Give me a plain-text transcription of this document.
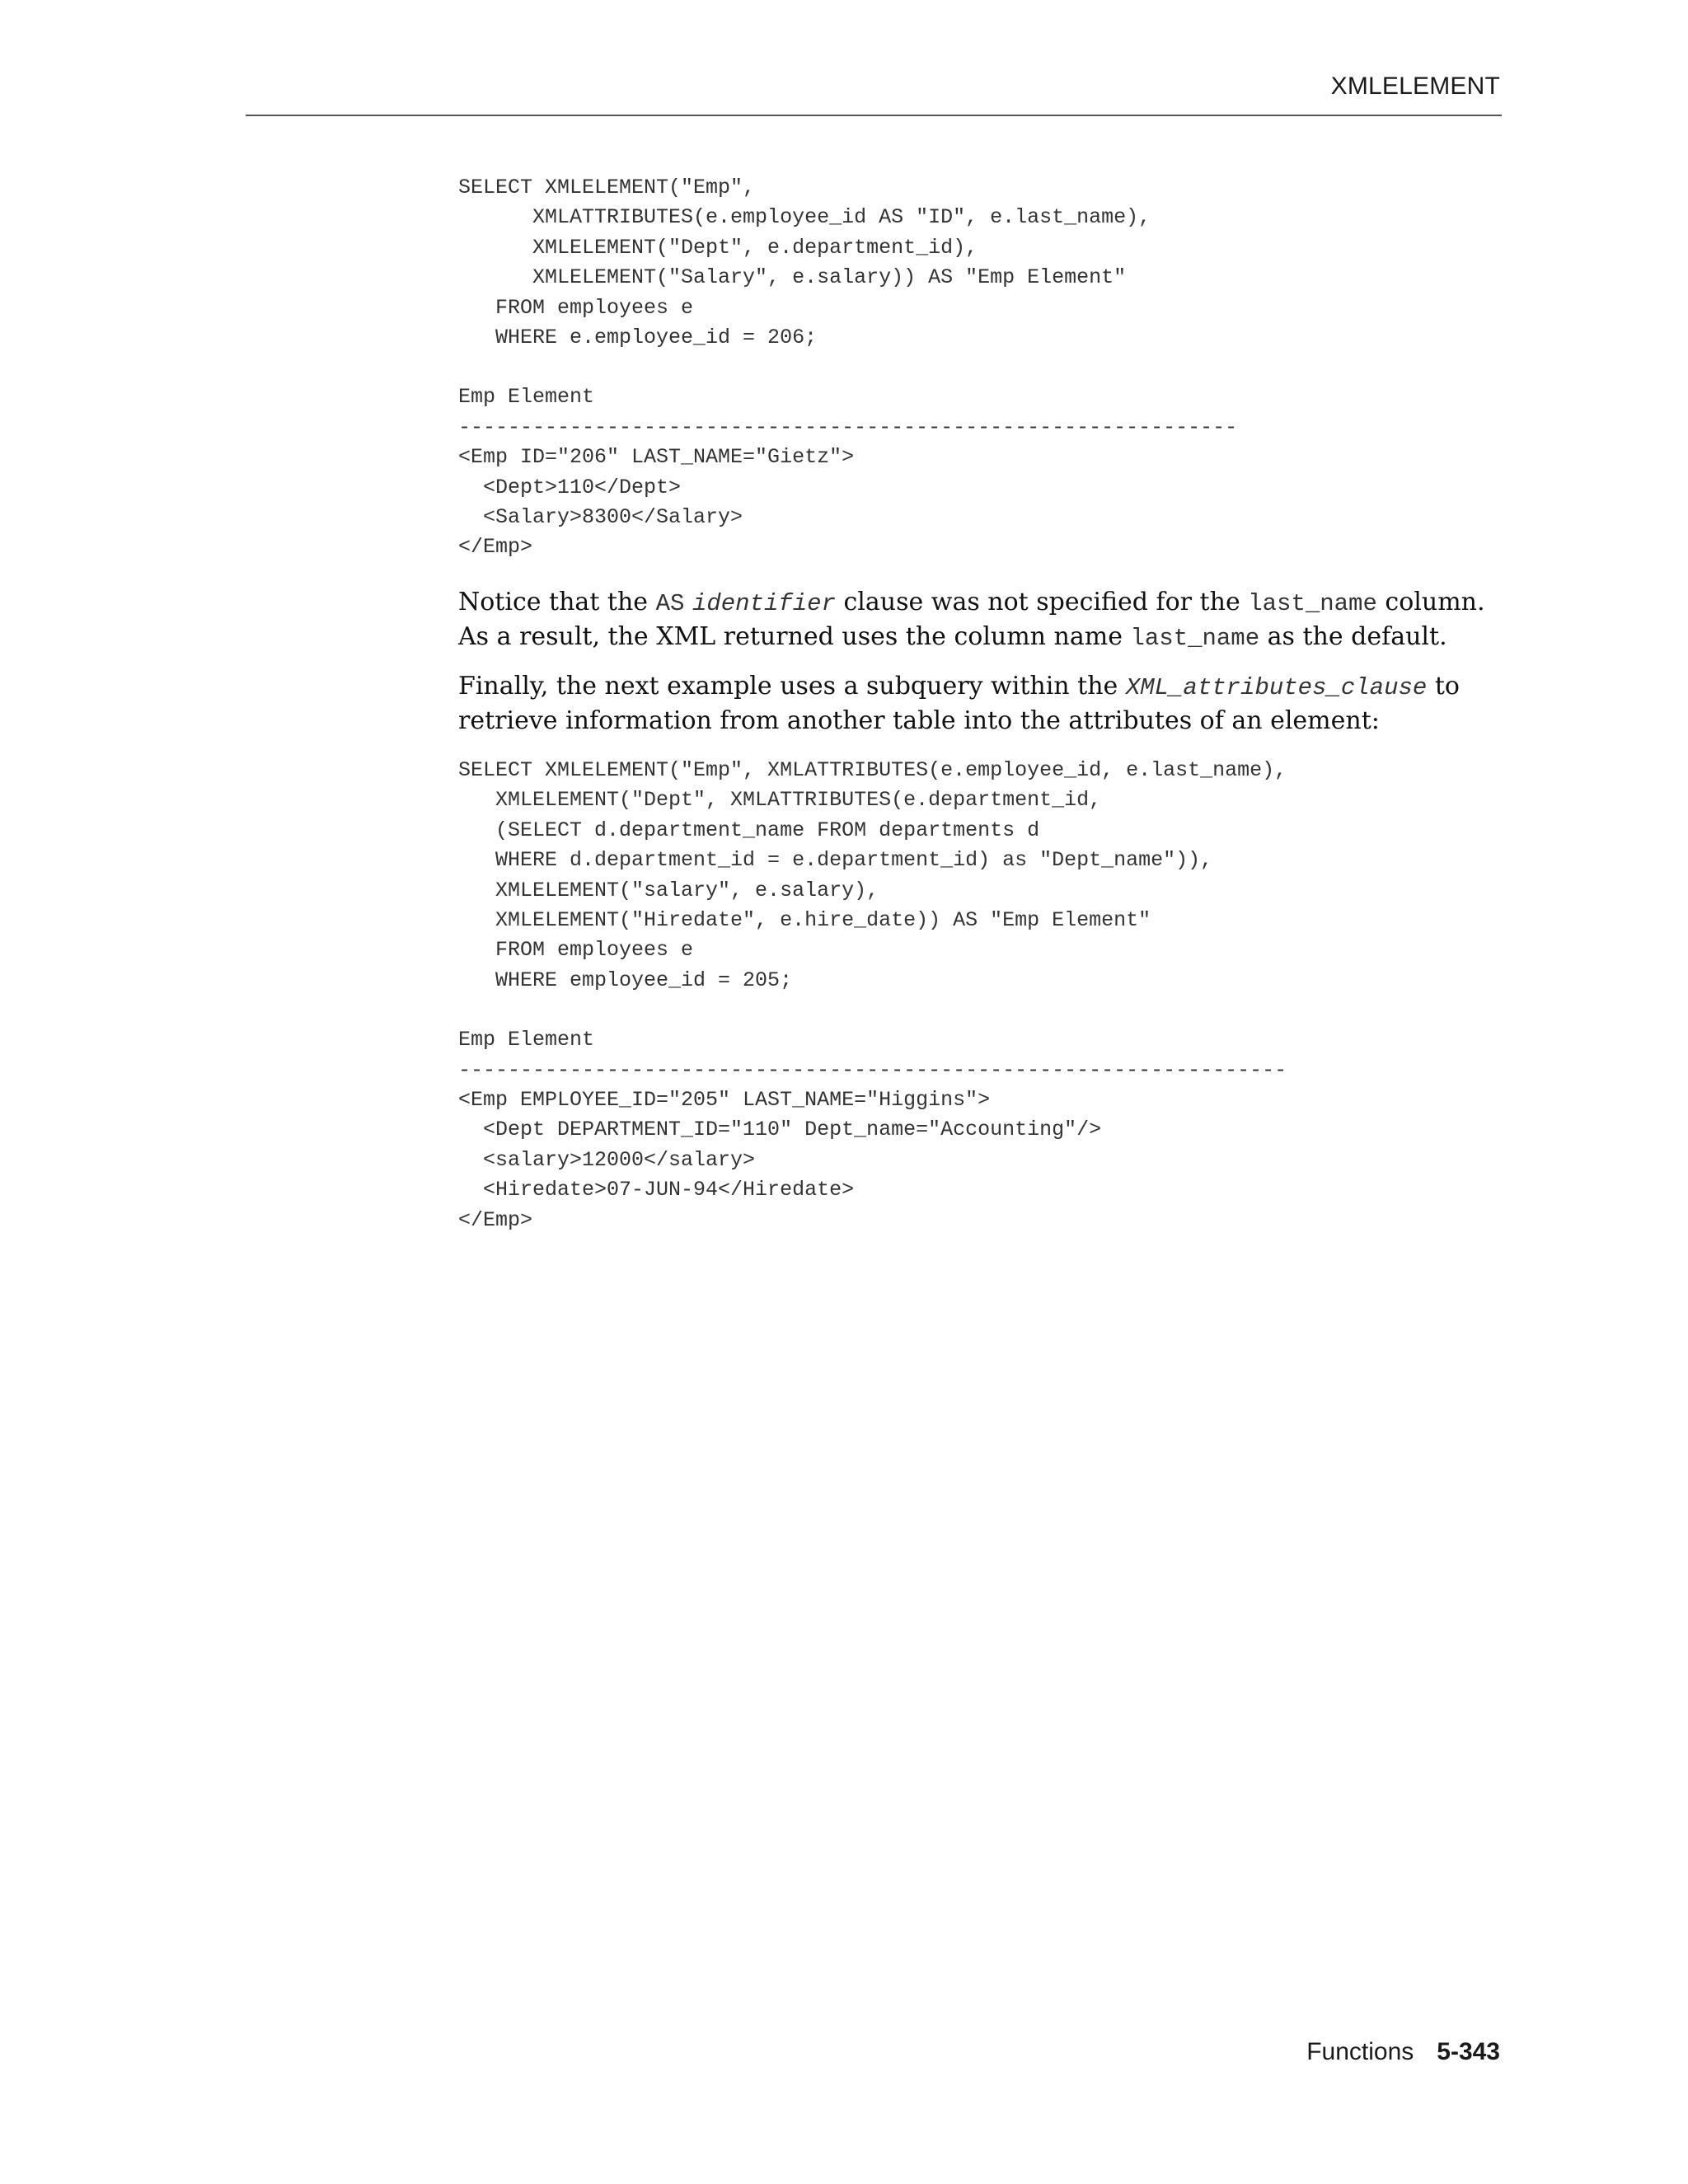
XMLELEMENT
SELECT XMLELEMENT("Emp",
XMLATTRIBUTES(e.employee_id AS "ID", e.last_name),
XMLELEMENT("Dept", e.department_id),
XMLELEMENT("Salary", e.salary)) AS "Emp Element"
FROM employees e
WHERE e.employee_id = 206;
Emp Element
---------------------------------------------------------------
<Emp ID="206" LAST_NAME="Gietz">
<Dept>110</Dept>
<Salary>8300</Salary>
</Emp>

Notice that the AS identifier clause was not specified for the last_name column. As a result, the XML returned uses the column name last_name as the default.

Finally, the next example uses a subquery within the XML_attributes_clause to retrieve information from another table into the attributes of an element:

SELECT XMLELEMENT("Emp", XMLATTRIBUTES(e.employee_id, e.last_name),
XMLELEMENT("Dept", XMLATTRIBUTES(e.department_id,
(SELECT d.department_name FROM departments d
WHERE d.department_id = e.department_id) as "Dept_name")),
XMLELEMENT("salary", e.salary),
XMLELEMENT("Hiredate", e.hire_date)) AS "Emp Element"
FROM employees e
WHERE employee_id = 205;
Emp Element
-------------------------------------------------------------------
<Emp EMPLOYEE_ID="205" LAST_NAME="Higgins">
<Dept DEPARTMENT_ID="110" Dept_name="Accounting"/>
<salary>12000</salary>
<Hiredate>07-JUN-94</Hiredate>
</Emp>
Functions 5-343
